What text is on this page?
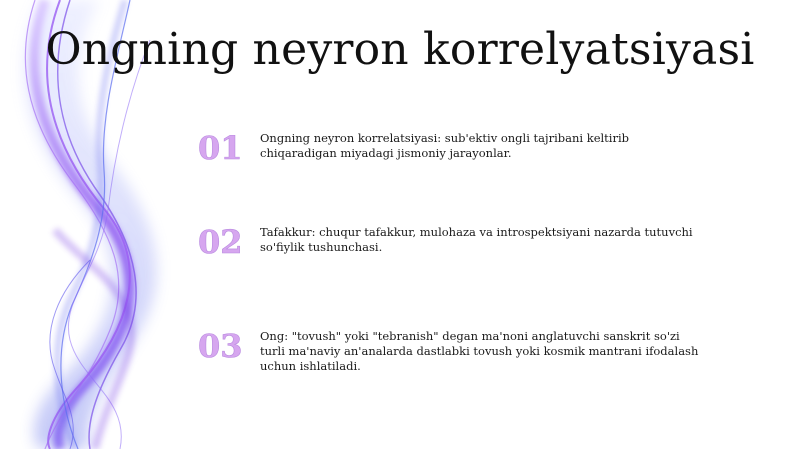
Ongning neyron korrelyatsiyasi
01	Ongning neyron korrelatsiyasi: sub'ektiv ongli tajribani keltirib chiqaradigan miyadagi jismoniy jarayonlar.
02	Tafakkur: chuqur tafakkur, mulohaza va introspektsiyani nazarda tutuvchi so'fiylik tushunchasi.
03	Ong: "tovush" yoki "tebranish" degan ma'noni anglatuvchi sanskrit so'zi turli ma'naviy an'analarda dastlabki tovush yoki kosmik mantrani ifodalash uchun ishlatiladi.
